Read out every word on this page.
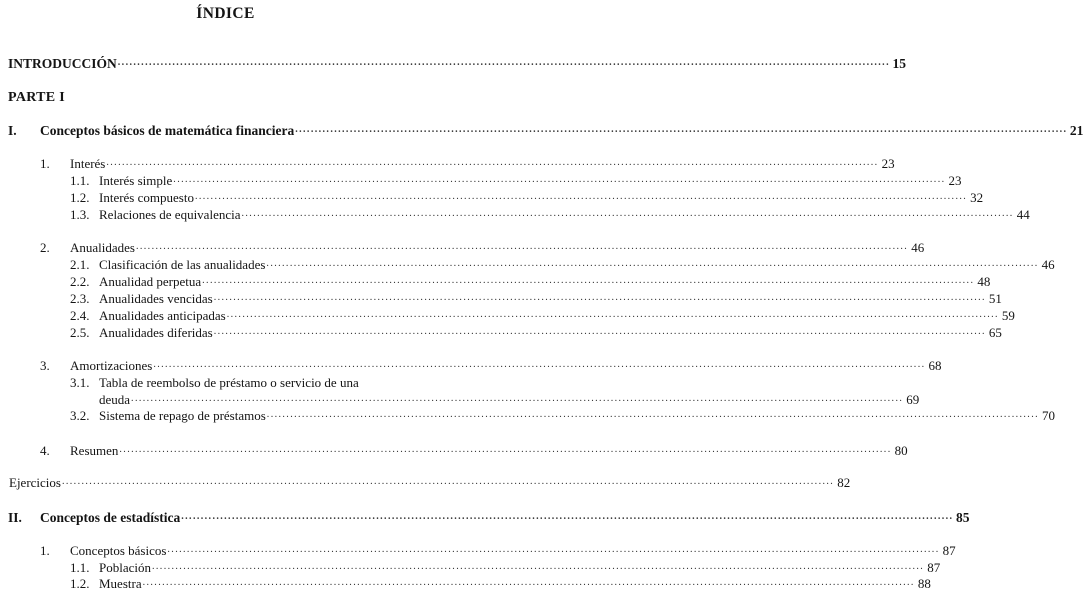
ÍNDICE
INTRODUCCIÓN ...................................................................................................................................................................................................... 15
PARTE I
I.	Conceptos básicos de matemática financiera ...................................................................................................................................................................................................... 21
1.	Interés ...................................................................................................................................................................................................... 23
1.1. Interés simple ...................................................................................................................................................................................................... 23
1.2. Interés compuesto ...................................................................................................................................................................................................... 32
1.3. Relaciones de equivalencia ...................................................................................................................................................................................................... 44
2.	Anualidades ...................................................................................................................................................................................................... 46
2.1. Clasificación de las anualidades ...................................................................................................................................................................................................... 46
2.2. Anualidad perpetua ...................................................................................................................................................................................................... 48
2.3. Anualidades vencidas ...................................................................................................................................................................................................... 51
2.4. Anualidades anticipadas ...................................................................................................................................................................................................... 59
2.5. Anualidades diferidas ...................................................................................................................................................................................................... 65
3.	Amortizaciones ...................................................................................................................................................................................................... 68
3.1. Tabla de reembolso de préstamo o servicio de una
deuda ...................................................................................................................................................................................................... 69
3.2. Sistema de repago de préstamos ...................................................................................................................................................................................................... 70
4.	Resumen ...................................................................................................................................................................................................... 80
Ejercicios ...................................................................................................................................................................................................... 82
II.	Conceptos de estadística ...................................................................................................................................................................................................... 85
1.	Conceptos básicos ...................................................................................................................................................................................................... 87
1.1. Población ...................................................................................................................................................................................................... 87
1.2. Muestra ...................................................................................................................................................................................................... 88
